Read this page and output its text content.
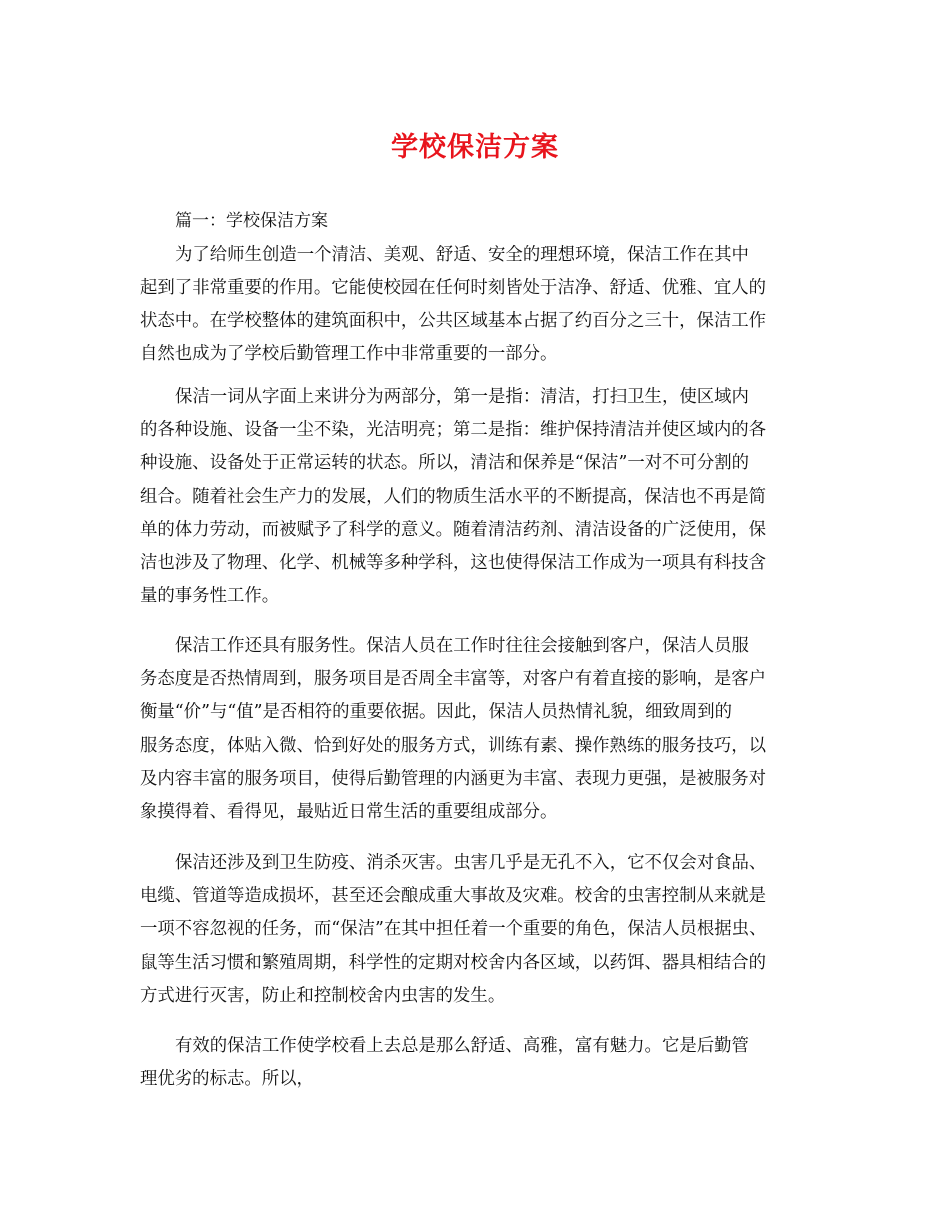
学校保洁方案
篇一：学校保洁方案
为了给师生创造一个清洁、美观、舒适、安全的理想环境，保洁工作在其中
起到了非常重要的作用。它能使校园在任何时刻皆处于洁净、舒适、优雅、宜人的
状态中。在学校整体的建筑面积中，公共区域基本占据了约百分之三十，保洁工作
自然也成为了学校后勤管理工作中非常重要的一部分。
保洁一词从字面上来讲分为两部分，第一是指：清洁，打扫卫生，使区域内
的各种设施、设备一尘不染，光洁明亮；第二是指：维护保持清洁并使区域内的各
种设施、设备处于正常运转的状态。所以，清洁和保养是“保洁”一对不可分割的
组合。随着社会生产力的发展，人们的物质生活水平的不断提高，保洁也不再是简
单的体力劳动，而被赋予了科学的意义。随着清洁药剂、清洁设备的广泛使用，保
洁也涉及了物理、化学、机械等多种学科，这也使得保洁工作成为一项具有科技含
量的事务性工作。
保洁工作还具有服务性。保洁人员在工作时往往会接触到客户，保洁人员服
务态度是否热情周到，服务项目是否周全丰富等，对客户有着直接的影响，是客户
衡量“价”与“值”是否相符的重要依据。因此，保洁人员热情礼貌，细致周到的
服务态度，体贴入微、恰到好处的服务方式，训练有素、操作熟练的服务技巧，以
及内容丰富的服务项目，使得后勤管理的内涵更为丰富、表现力更强，是被服务对
象摸得着、看得见，最贴近日常生活的重要组成部分。
保洁还涉及到卫生防疫、消杀灭害。虫害几乎是无孔不入，它不仅会对食品、
电缆、管道等造成损坏，甚至还会酿成重大事故及灾难。校舍的虫害控制从来就是
一项不容忽视的任务，而“保洁”在其中担任着一个重要的角色，保洁人员根据虫、
鼠等生活习惯和繁殖周期，科学性的定期对校舍内各区域，以药饵、器具相结合的
方式进行灭害，防止和控制校舍内虫害的发生。
有效的保洁工作使学校看上去总是那么舒适、高雅，富有魅力。它是后勤管
理优劣的标志。所以，
